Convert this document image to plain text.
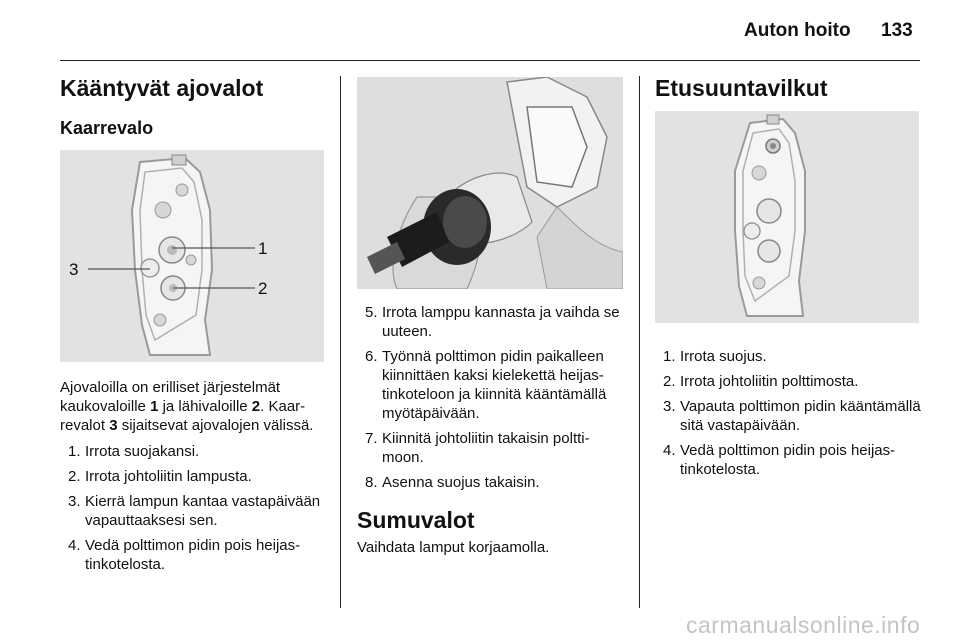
Auton hoito 133
Kääntyvät ajovalot
Kaarrevalo
1
2
3

Ajovaloilla on erilliset järjestelmät kaukovaloille 1 ja lähivaloille 2. Kaarrevalot 3 sijaitsevat ajovalojen välissä.

1. Irrota suojakansi.
2. Irrota johtoliitin lampusta.
3. Kierrä lampun kantaa vastapäivään vapauttaaksesi sen.
4. Vedä polttimon pidin pois heijastinkotelosta.
5. Irrota lamppu kannasta ja vaihda se uuteen.
6. Työnnä polttimon pidin paikalleen kiinnittäen kaksi kielekettä heijastinkoteloon ja kiinnitä kääntämällä myötäpäivään.
7. Kiinnitä johtoliitin takaisin polttimoon.
8. Asenna suojus takaisin.
Sumuvalot

Vaihdata lamput korjaamolla.

Etusuuntavilkut
1. Irrota suojus.
2. Irrota johtoliitin polttimosta.
3. Vapauta polttimon pidin kääntämällä sitä vastapäivään.
4. Vedä polttimon pidin pois heijastinkotelosta.
carmanualsonline.info
